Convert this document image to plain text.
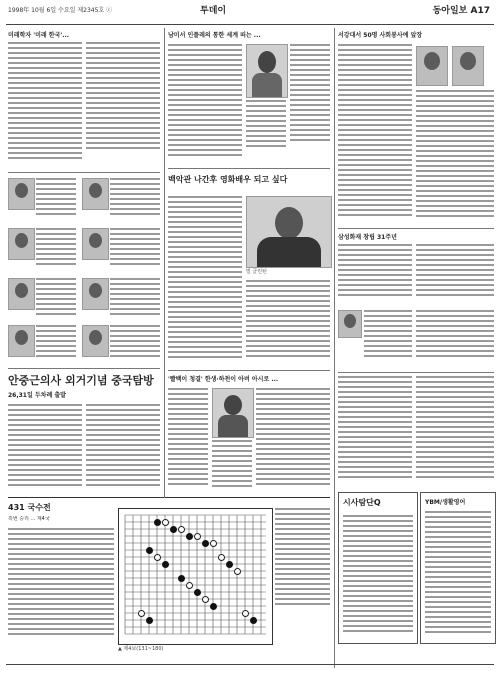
1998年 10월 6일 수요일 제2345호 ⓒ	투데이	동아일보 A17
미래학자 '미래 한국'...	남미서 인플레의 통한 세계 떠는 ...
백악관 나간후 영화배우 되고 싶다
빌 클린턴
서강대서 50명 사회봉사에 앞장
삼성화재 창립 31주년
안중근의사 외거기념 중국탐방
26,31일 두차례 출발
'빨백이 청결' 한생·하천이 아버 아시로 ...
431 국수전
흑번 승리 ... 제4국
▲ 제4보(131~180)
시사탐단Q	YBM/생활영어
